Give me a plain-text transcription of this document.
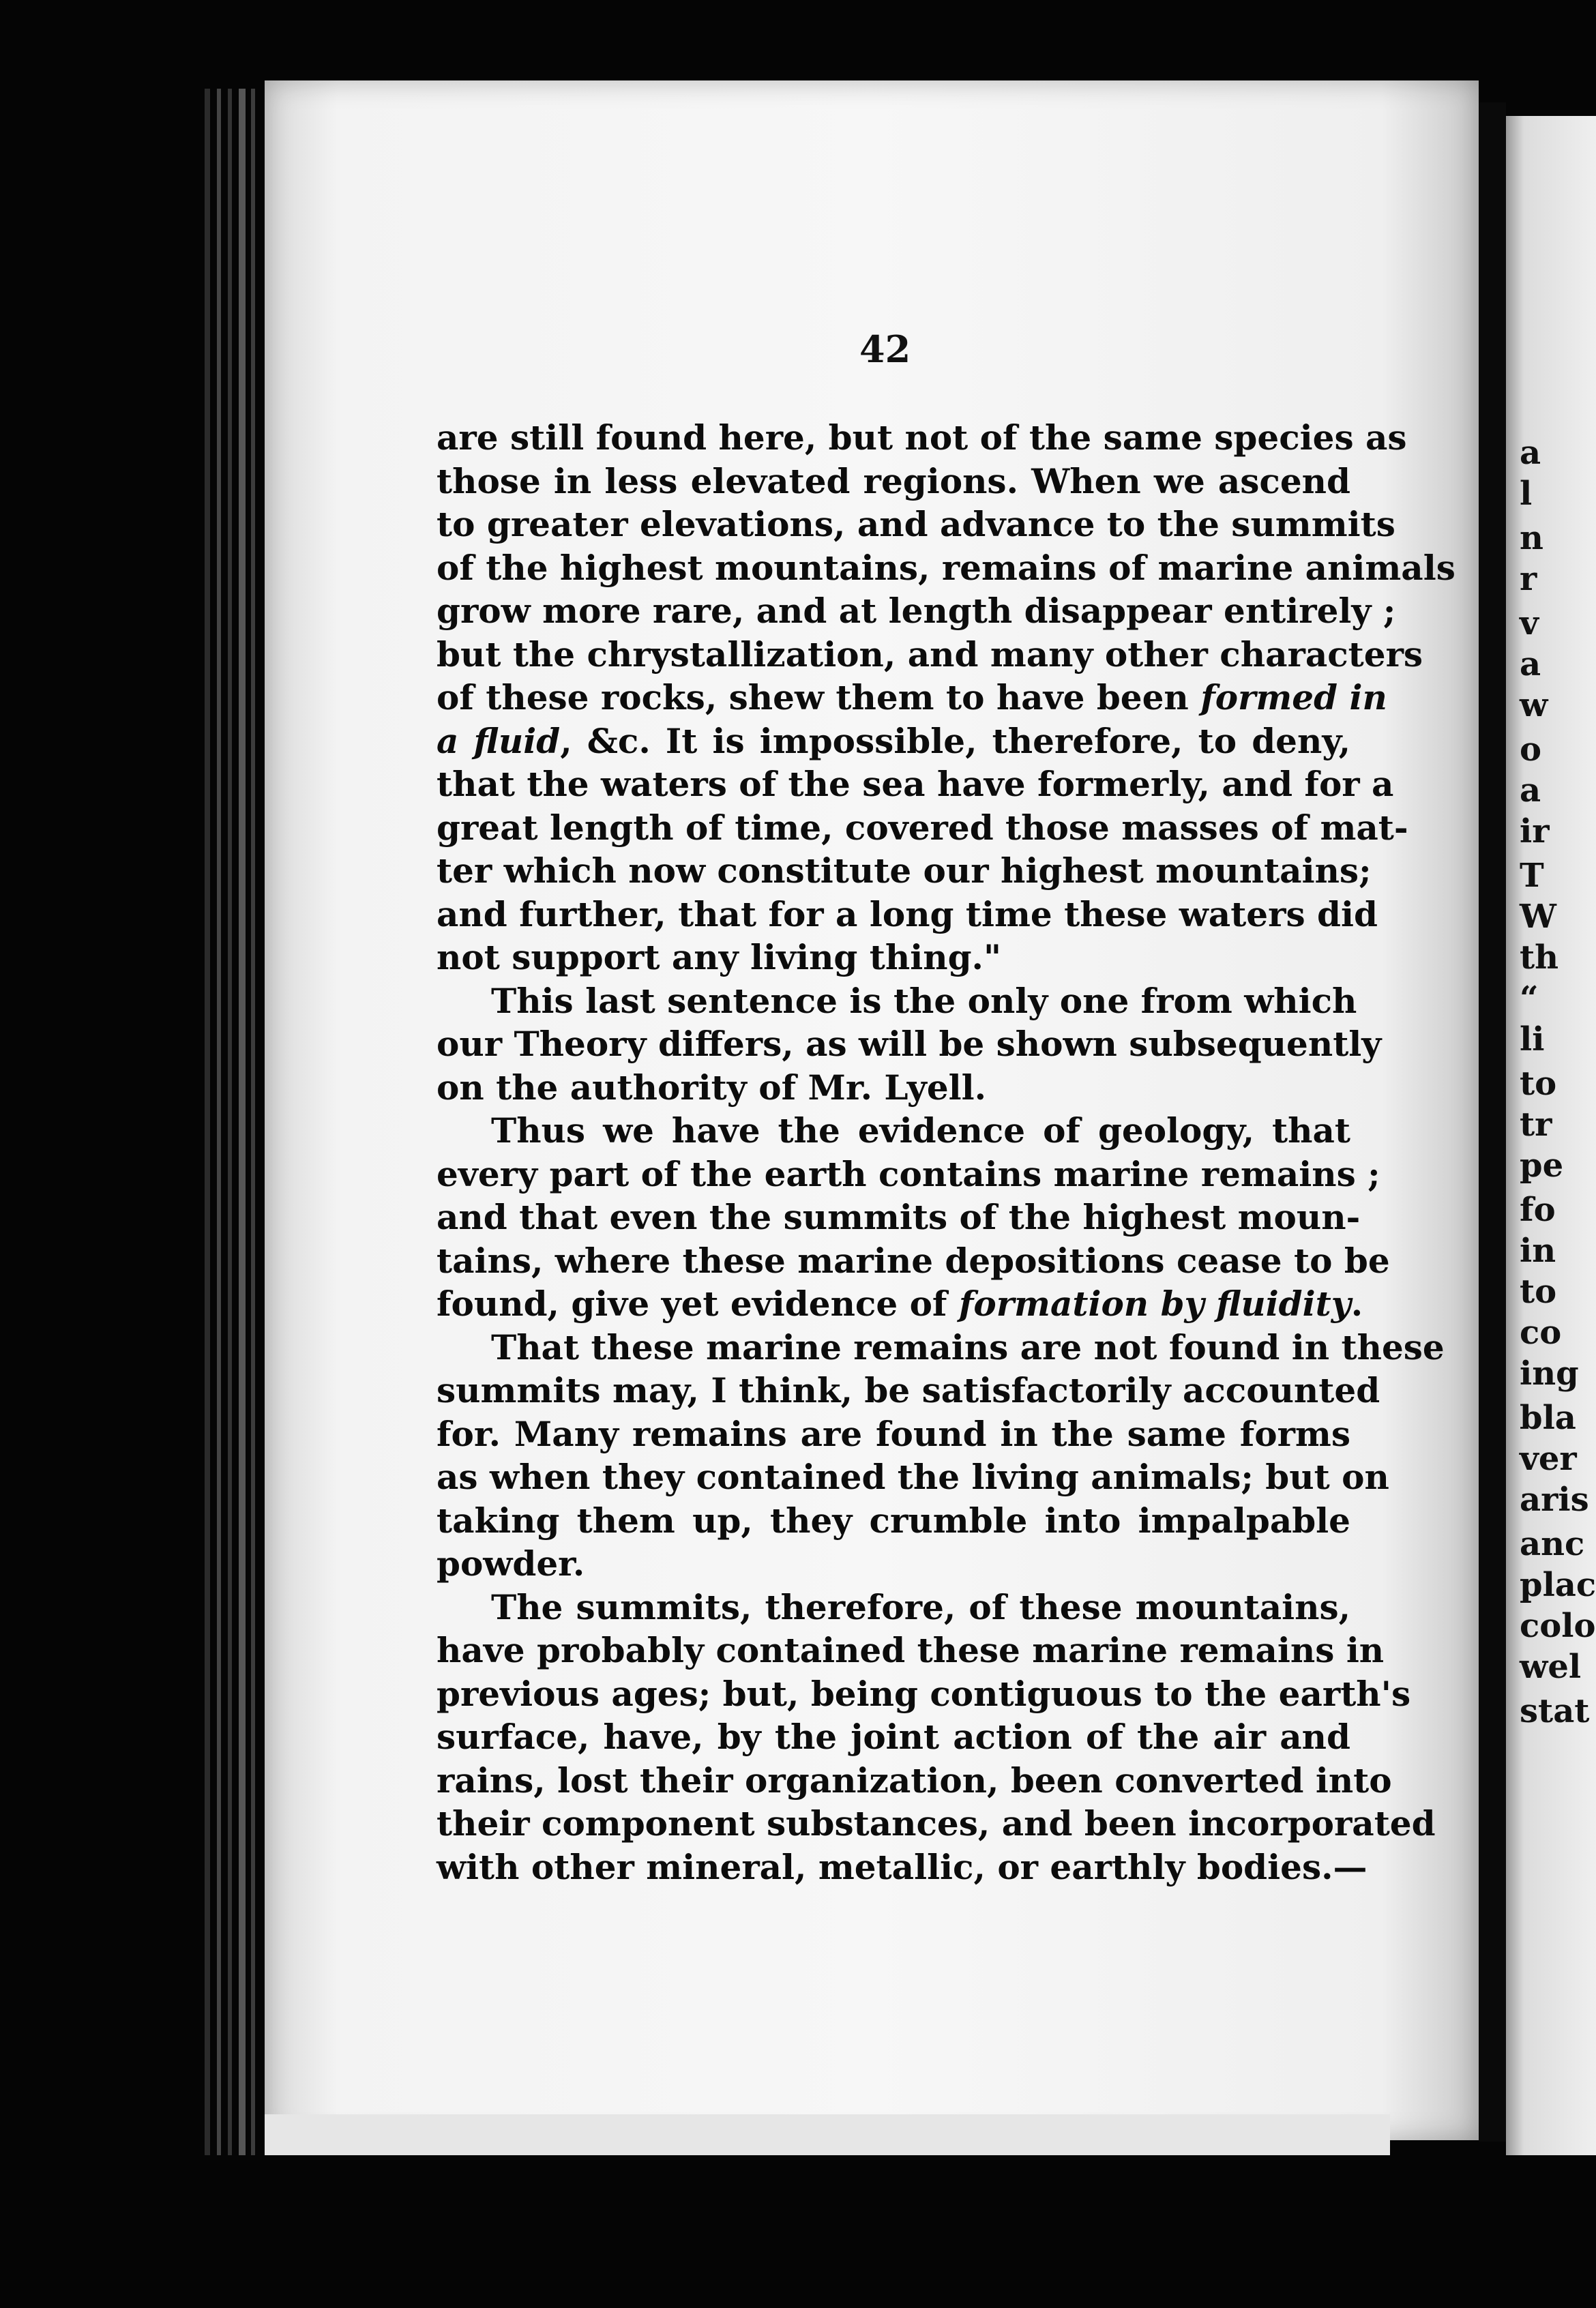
a
l
n
r
v
a
w
o
a
ir
T
W
th
“
li
to
tr
pe
fo
in
to
co
ing
bla
ver
aris
anc
plac
colo
wel
stat
42
are still found here, but not of the same species as
those in less elevated regions. When we ascend
to greater elevations, and advance to the summits
of the highest mountains, remains of marine animals
grow more rare, and at length disappear entirely ;
but the chrystallization, and many other characters
of these rocks, shew them to have been formed in
a fluid, &c. It is impossible, therefore, to deny,
that the waters of the sea have formerly, and for a
great length of time, covered those masses of mat-
ter which now constitute our highest mountains;
and further, that for a long time these waters did
not support any living thing."
This last sentence is the only one from which
our Theory differs, as will be shown subsequently
on the authority of Mr. Lyell.
Thus we have the evidence of geology, that
every part of the earth contains marine remains ;
and that even the summits of the highest moun-
tains, where these marine depositions cease to be
found, give yet evidence of formation by fluidity.
That these marine remains are not found in these
summits may, I think, be satisfactorily accounted
for. Many remains are found in the same forms
as when they contained the living animals; but on
taking them up, they crumble into impalpable
powder.
The summits, therefore, of these mountains,
have probably contained these marine remains in
previous ages; but, being contiguous to the earth's
surface, have, by the joint action of the air and
rains, lost their organization, been converted into
their component substances, and been incorporated
with other mineral, metallic, or earthly bodies.—
